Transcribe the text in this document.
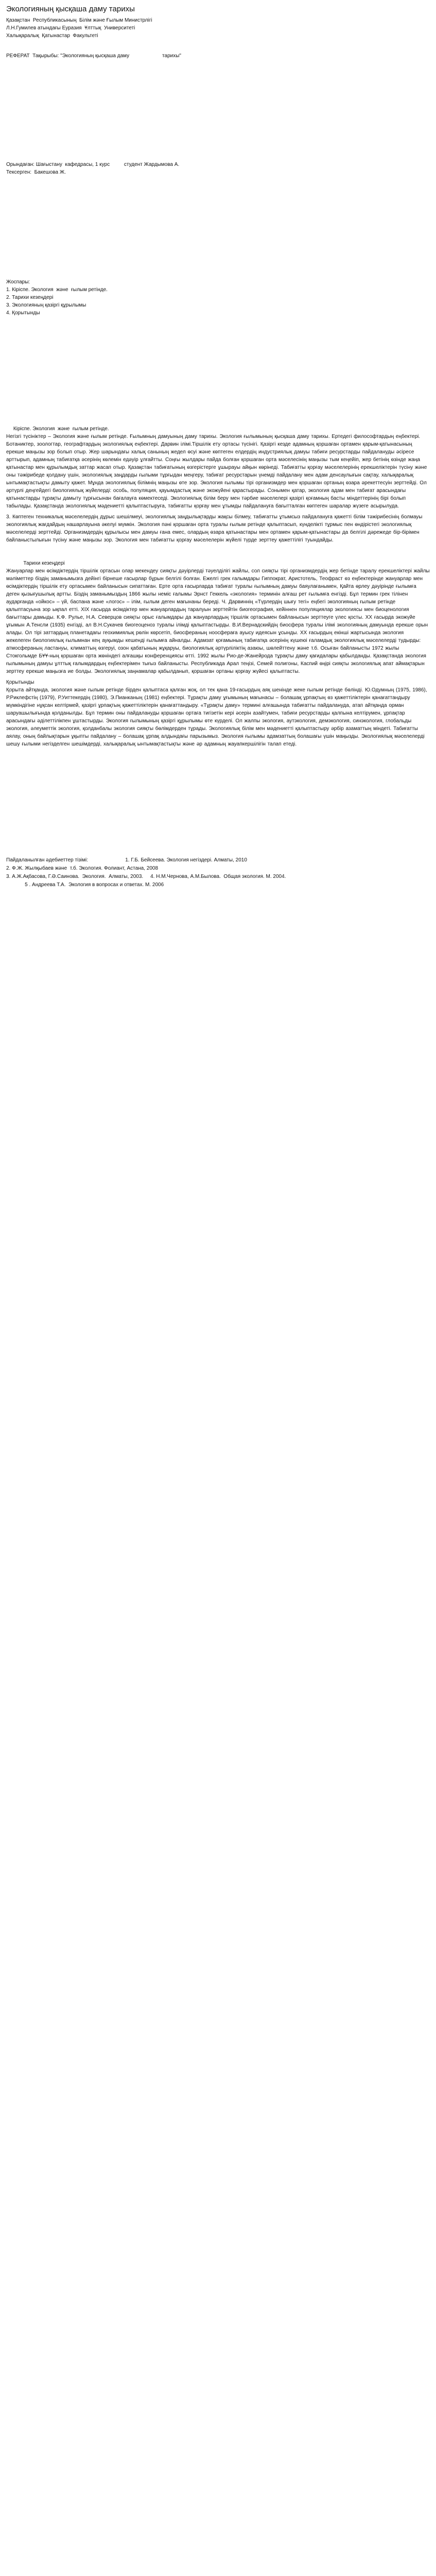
Экологияның қысқаша даму тарихы
Қазақстан  Республикасының  Білім және Ғылым Министрлігі
Л.Н.Гумилев атындағы Еуразия  Ұлттық  Университеті
Халықаралық  Қатынастар  Факультеті
РЕФЕРАТ  Тақырыбы: "Экологияның қысқаша даму                       тарихы"
Орындаған: Шағыстану  кафедрасы, 1 курс          студент Жардымова А.
Тексерген:  Бакешова Ж.
Жоспары:
1. Кіріспе. Экология  және  ғылым ретінде.
2. Тарихи кезеңдері
3. Экологияның қазіргі құрылымы
4. Қорытынды

Кіріспе. Экология  және  ғылым ретінде.

Негізгі түсініктер – Экология және ғылым ретінде. Ғылымның дамуының даму тарихы. Экология ғылымының қысқаша даму тарихы. Ертедегі философтардың еңбектері. Ботаниктер, зоологтар, географтардың экологиялық еңбектері. Дарвин ілімі.Тіршілік ету ортасы түсінігі. Қазіргі кезде адамның қоршаған ортамен қарым-қатынасының ерекше маңызы зор болып отыр. Жер шарындағы халық санының жедел өсуі және көптеген елдердің индустриялық дамуы табиғи ресурстарды пайдалануды әсіресе арттырып, адамның табиғатқа әсерінің көлемін едәуір ұлғайтты. Соңғы жылдары пайда болған қоршаған орта мәселесінің маңызы тым кеңейіп, жер бетінің өзінде жаңа қатынастар мен құрылымдық заттар жасап отыр. Қазақстан табиғатының өзгерістерге ұшырауы айқын көрінеді. Табиғатты қорғау мәселелерінің ерекшеліктерін түсіну және оны тәжірибеде қолдану үшін, экологиялық заңдарды ғылыми тұрғыдан меңгеру, табиғат ресурстарын үнемді пайдалану мен адам денсаулығын сақтау, халықаралық ынтымақтастықты дамыту қажет. Мұнда экологиялық білімнің маңызы өте зор. Экология ғылымы тірі организмдер мен қоршаған ортаның өзара әрекеттесуін зерттейді. Ол әртүрлі деңгейдегі биологиялық жүйелерді: особь, популяция, қауымдастық және экожүйені қарастырады. Сонымен қатар, экология адам мен табиғат арасындағы қатынастарды тұрақты дамыту тұрғысынан бағалауға көмектеседі. Экологиялық білім беру мен тәрбие мәселелері қазіргі қоғамның басты міндеттерінің бірі болып табылады. Қазақстанда экологиялық мәдениетті қалыптастыруға, табиғатты қорғау мен ұтымды пайдалануға бағытталған көптеген шаралар жүзеге асырылуда.

3. Көптеген техникалық мәселелердің дұрыс шешілмеуі, экологиялық заңдылықтарды жақсы білмеу, табиғатты ұтымсыз пайдалануға қажетті білім тәжірибесінің болмауы экологиялық жағдайдың нашарлауына әкелуі мүмкін. Экология пәні қоршаған орта туралы ғылым ретінде қалыптасып, күнделікті тұрмыс пен өндірістегі экологиялық мәселелерді зерттейді. Организмдердің құрылысы мен дамуы ғана емес, олардың өзара қатынастары мен ортамен қарым-қатынастары да белгілі дәрежеде бір-бірімен байланыстылығын түсіну және маңызы зор. Экология мен табиғатты қорғау мәселелерін жүйелі түрде зерттеу қажеттілігі туындайды.

Тарихи кезеңдері

Жануарлар мен өсімдіктердің тіршілік ортасын олар мекендеу сияқты дәуірлерді тәуелділігі жайлы, сол сияқты тірі организмдердің жер бетінде таралу ерекшеліктері жайлы мәліметтер біздің заманымызға дейінгі бірнеше ғасырлар бұрын белгілі болған. Ежелгі грек ғалымдары Гиппократ, Аристотель, Теофраст өз еңбектерінде жануарлар мен өсімдіктердің тіршілік ету ортасымен байланысын сипаттаған. Ерте орта ғасырларда табиғат туралы ғылымның дамуы баяулағанымен, Қайта өрлеу дәуірінде ғылымға деген қызығушылық артты. Біздің заманымыздың 1866 жылы неміс ғалымы Эрнст Геккель «экология» терминін алғаш рет ғылымға енгізді. Бұл термин грек тілінен аударғанда «ойкос» – үй, баспана және «логос» – ілім, ғылым деген мағынаны береді. Ч. Дарвиннің «Түрлердің шығу тегі» еңбегі экологияның ғылым ретінде қалыптасуына зор ықпал етті. ХІХ ғасырда өсімдіктер мен жануарлардың таралуын зерттейтін биогеография, кейіннен популяциялар экологиясы мен биоценология бағыттары дамыды. К.Ф. Рулье, Н.А. Северцов сияқты орыс ғалымдары да жануарлардың тіршілік ортасымен байланысын зерттеуге үлес қосты. ХХ ғасырда экожүйе ұғымын А.Тенсли (1935) енгізді, ал В.Н.Сукачев биогеоценоз туралы ілімді қалыптастырды. В.И.Вернадскийдің биосфера туралы ілімі экологияның дамуында ерекше орын алады. Ол тірі заттардың планетадағы геохимиялық рөлін көрсетіп, биосфераның ноосфераға ауысу идеясын ұсынды. ХХ ғасырдың екінші жартысында экология жекелеген биологиялық ғылымнан кең ауқымды кешенді ғылымға айналды. Адамзат қоғамының табиғатқа әсерінің күшеюі ғаламдық экологиялық мәселелерді тудырды: атмосфераның ластануы, климаттың өзгеруі, озон қабатының жұқаруы, биологиялық әртүрліліктің азаюы, шөлейттену және т.б. Осыған байланысты 1972 жылы Стокгольмде БҰҰ-ның қоршаған орта жөніндегі алғашқы конференциясы өтті. 1992 жылы Рио-де-Жанейрода тұрақты даму қағидалары қабылданды. Қазақстанда экология ғылымының дамуы ұлттық ғалымдардың еңбектерімен тығыз байланысты. Республикада Арал теңізі, Семей полигоны, Каспий өңірі сияқты экологиялық апат аймақтарын зерттеу ерекше маңызға ие болды. Экологиялық заңнамалар қабылданып, қоршаған ортаны қорғау жүйесі қалыптасты.

Қорытынды

Қорыта айтқанда, экология және ғылым ретінде бірден қалыптаса қалған жоқ, ол тек қана 19-ғасырдың аяқ шенінде жеке ғылым ретінде бөлінді. Ю.Одумның (1975, 1986), Р.Риклефстің (1979), Р.Уиттекердің (1980), Э.Пианканың (1981) еңбектері. Тұрақты даму ұғымының мағынасы – болашақ ұрпақтың өз қажеттіліктерін қанағаттандыру мүмкіндігіне нұқсан келтірмей, қазіргі ұрпақтың қажеттіліктерін қанағаттандыру. «Тұрақты даму» термині алғашында табиғатты пайдалануда, атап айтқанда орман шаруашылығында қолданылды. Бұл термин оны пайдалануды қоршаған ортаға тигізетін кері әсерін азайтумен, табиғи ресурстарды қалпына келтірумен, ұрпақтар арасындағы әділеттілікпен ұштастырды. Экология ғылымының қазіргі құрылымы өте күрделі. Ол жалпы экология, аутэкология, демэкология, синэкология, глобальды экология, әлеуметтік экология, қолданбалы экология сияқты бөлімдерден тұрады. Экологиялық білім мен мәдениетті қалыптастыру әрбір азаматтың міндеті. Табиғатты аялау, оның байлықтарын ұқыпты пайдалану – болашақ ұрпақ алдындағы парызымыз. Экология ғылымы адамзаттың болашағы үшін маңызды. Экологиялық мәселелерді шешу ғылыми негізделген шешімдерді, халықаралық ынтымақтастықты және әр адамның жауапкершілігін талап етеді.

Пайдаланылған әдебиеттер тізімі:                          1. Г.Б. Бейсеева. Экология негіздері. Алматы, 2010

2. Ф.Ж. Жылқыбаев және  т.б. Экология. Фолиант, Астана, 2008

3. А.Ж.Ақбасова, Г.Ә.Саинова.  Экология.  Алматы, 2003.     4. Н.М.Чернова, А.М.Былова.  Общая экология. М. 2004.

5 . Андреева Т.А.  Экология в вопросах и ответах. М. 2006
